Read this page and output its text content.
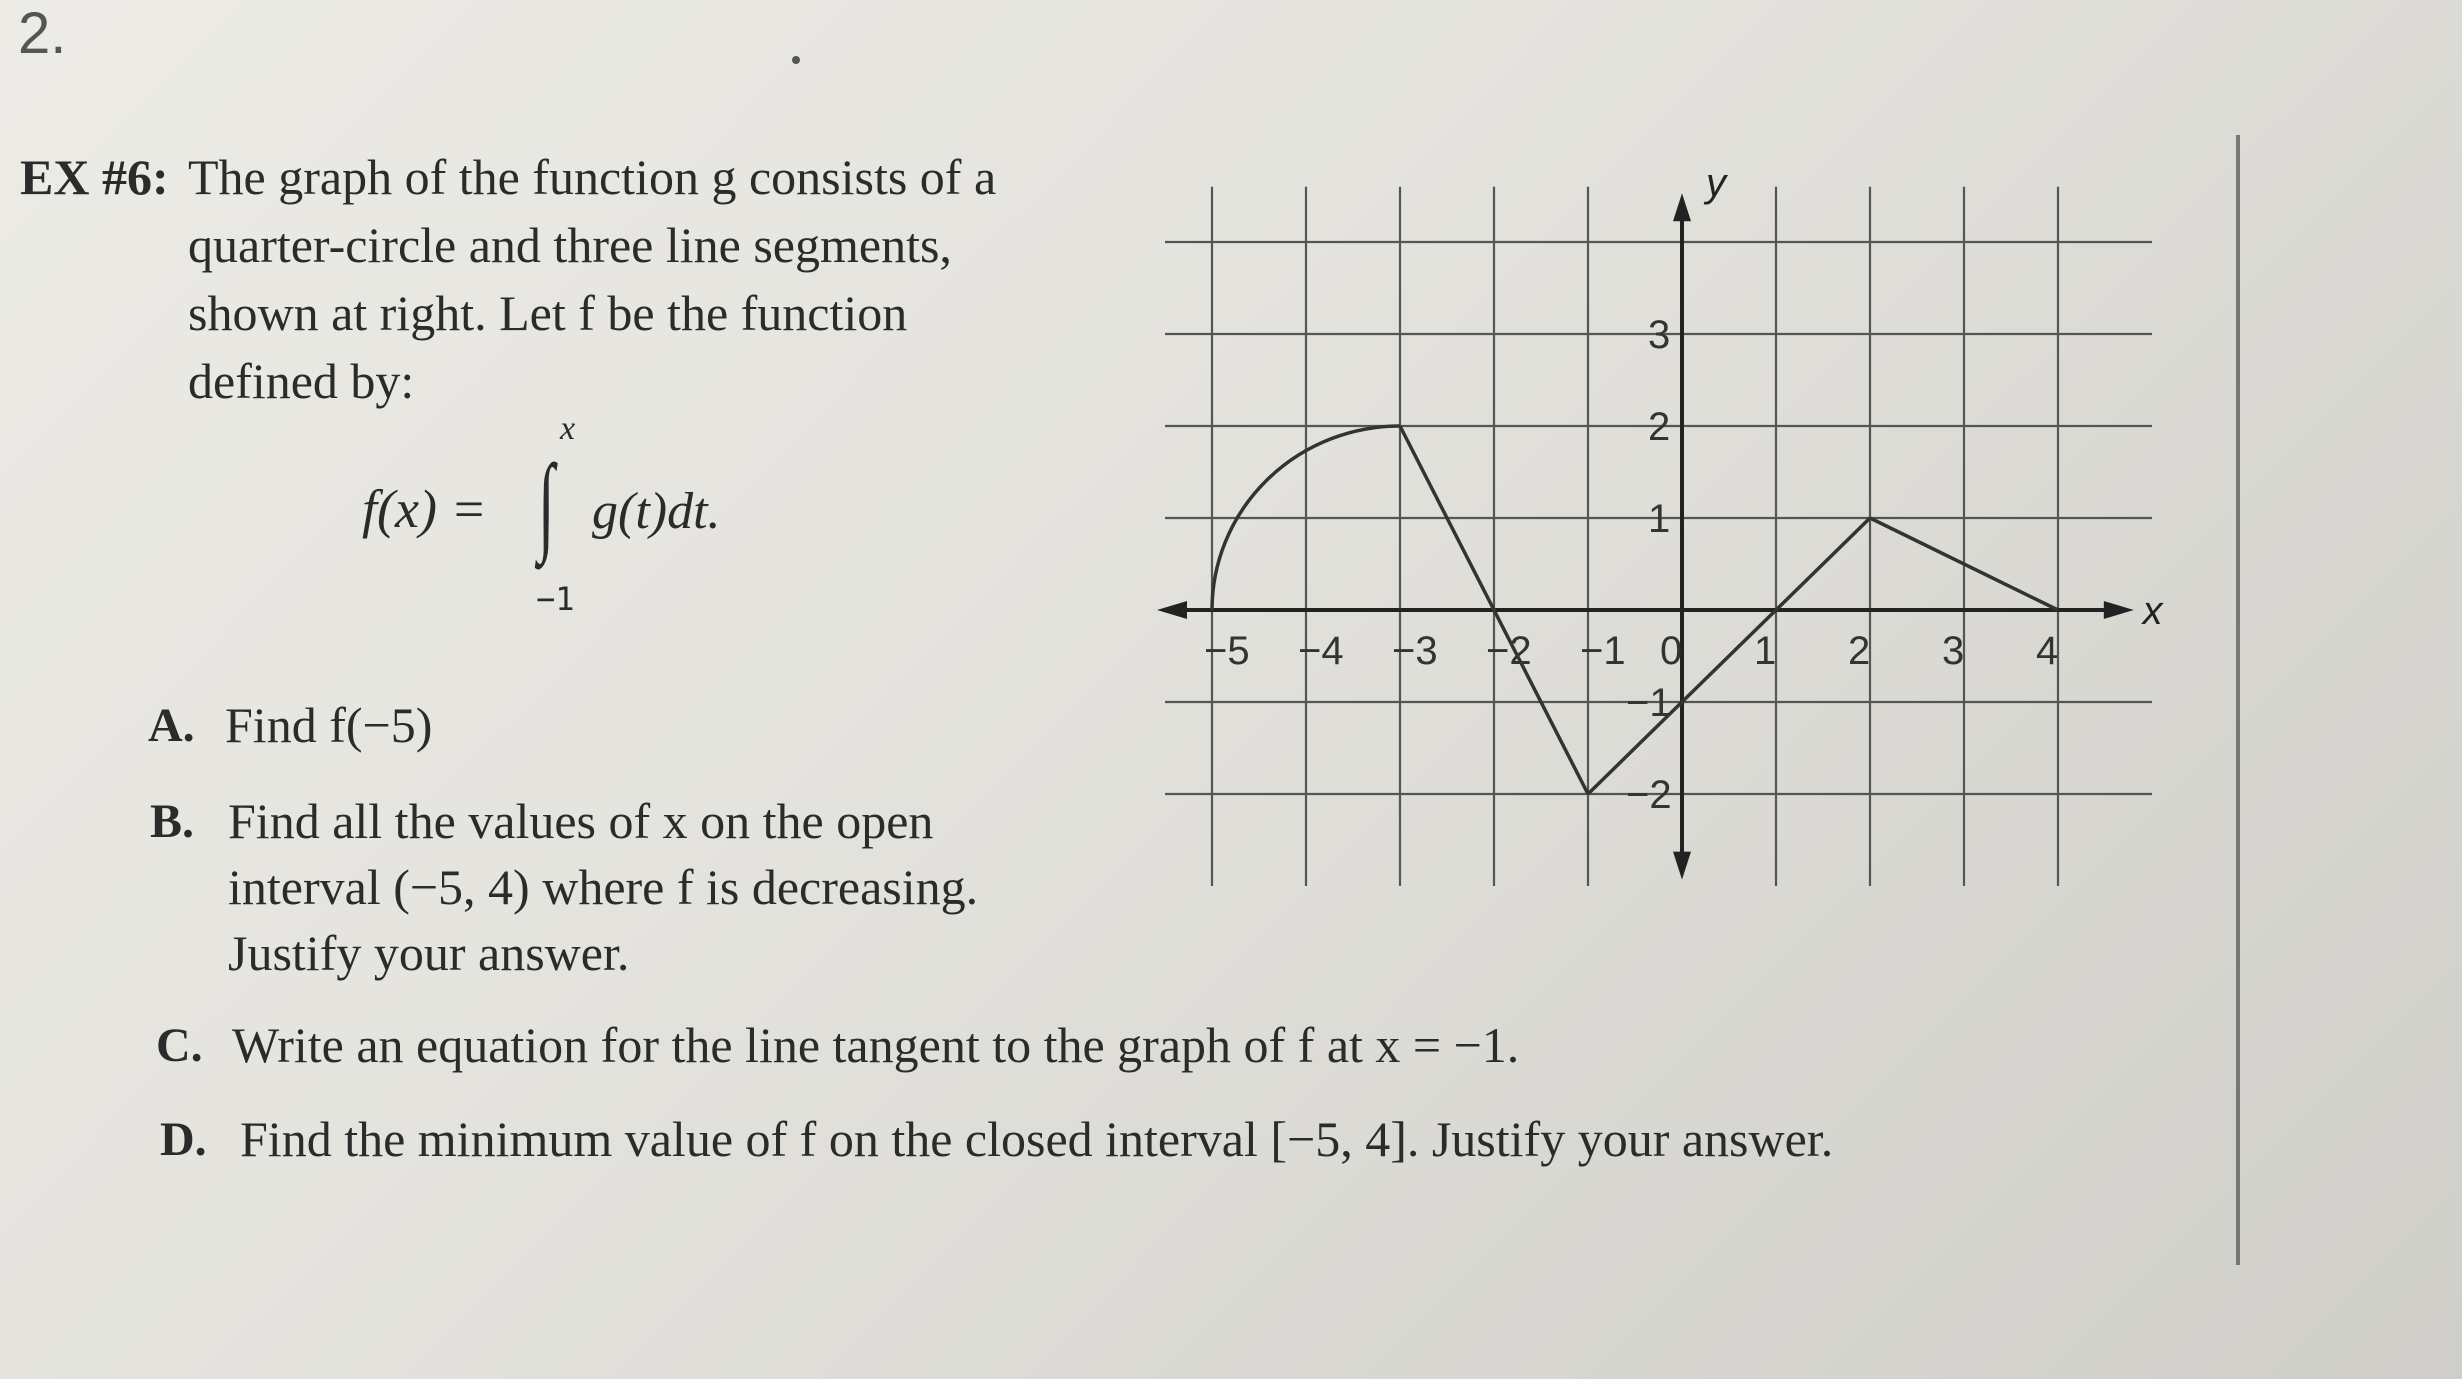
2.
EX #6: The graph of the function g consists of a
quarter-circle and three line segments,
shown at right. Let f be the function
defined by:
f(x) = ∫
x
−1
g(t)dt.
A. Find f(−5)
B. Find all the values of x on the open
interval (−5, 4) where f is decreasing.
Justify your answer.
C. Write an equation for the line tangent to the graph of f at x = −1.
D. Find the minimum value of f on the closed interval [−5, 4]. Justify your answer.
x
y
−5 −4 −3 −2 −1 0 1 2 3 4
3
2
1
−1
−2
